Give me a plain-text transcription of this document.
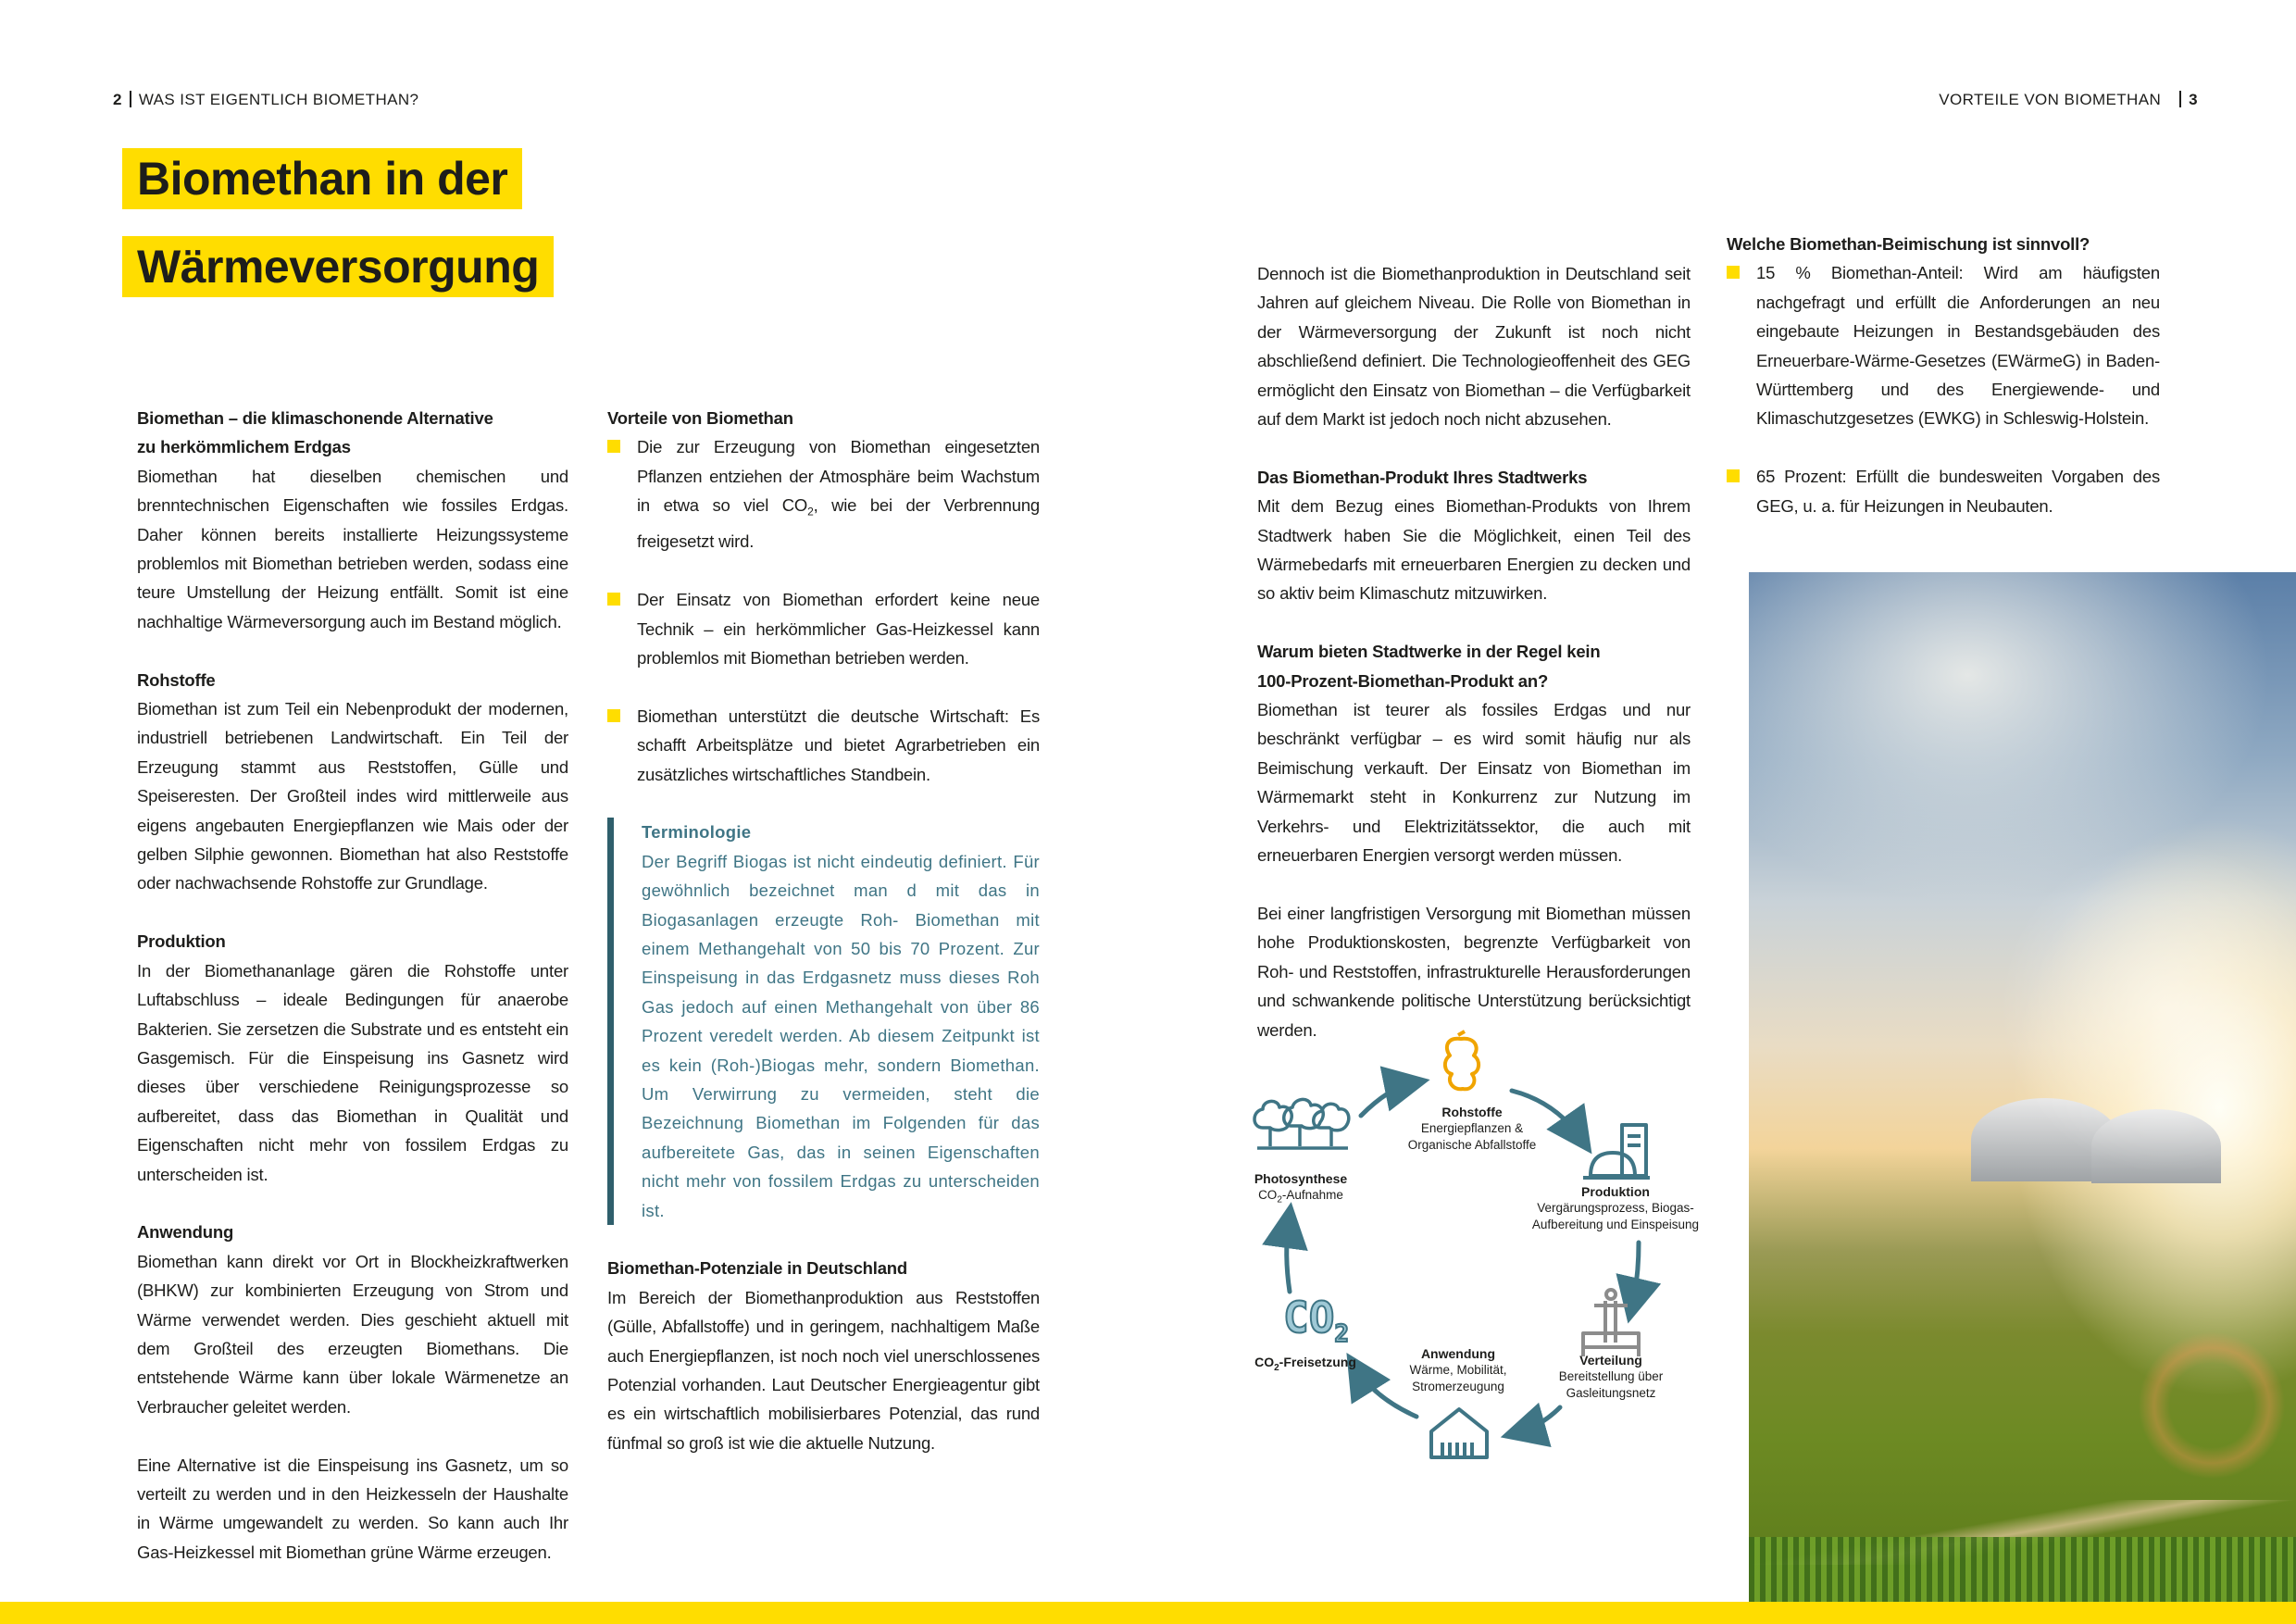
2 WAS IST EIGENTLICH BIOMETHAN?	VORTEILE VON BIOMETHAN 3
Biomethan in der
Wärmeversorgung
Biomethan – die klimaschonende Alternative
zu herkömmlichem Erdgas

Biomethan hat dieselben chemischen und brenntechnischen Eigenschaften wie fossiles Erdgas. Daher können bereits installierte Heizungssysteme problemlos mit Biomethan betrieben werden, sodass eine teure Umstellung der Heizung entfällt. Somit ist eine nachhaltige Wärmeversorgung auch im Bestand möglich.

Rohstoffe

Biomethan ist zum Teil ein Nebenprodukt der modernen, industriell betriebenen Landwirtschaft. Ein Teil der Erzeugung stammt aus Reststoffen, Gülle und Speiseresten. Der Großteil indes wird mittlerweile aus eigens angebauten Energiepflanzen wie Mais oder der gelben Silphie gewonnen. Biomethan hat also Reststoffe oder nachwachsende Rohstoffe zur Grundlage.

Produktion

In der Biomethananlage gären die Rohstoffe unter Luftabschluss – ideale Bedingungen für anaerobe Bakterien. Sie zersetzen die Substrate und es entsteht ein Gasgemisch. Für die Einspeisung ins Gasnetz wird dieses über verschiedene Reinigungsprozesse so aufbereitet, dass das Biomethan in Qualität und Eigenschaften nicht mehr von fossilem Erdgas zu unterscheiden ist.

Anwendung

Biomethan kann direkt vor Ort in Blockheizkraftwerken (BHKW) zur kombinierten Erzeugung von Strom und Wärme verwendet werden. Dies geschieht aktuell mit dem Großteil des erzeugten Biomethans. Die entstehende Wärme kann über lokale Wärmenetze an Verbraucher geleitet werden.

Eine Alternative ist die Einspeisung ins Gasnetz, um so verteilt zu werden und in den Heizkesseln der Haushalte in Wärme umgewandelt zu werden. So kann auch Ihr Gas-Heizkessel mit Biomethan grüne Wärme erzeugen.

Vorteile von Biomethan
Die zur Erzeugung von Biomethan eingesetzten Pflanzen entziehen der Atmosphäre beim Wachstum in etwa so viel $CO_2$, wie bei der Verbrennung freigesetzt wird.
Der Einsatz von Biomethan erfordert keine neue Technik – ein herkömmlicher Gas-Heizkessel kann problemlos mit Biomethan betrieben werden.
Biomethan unterstützt die deutsche Wirtschaft: Es schafft Arbeitsplätze und bietet Agrarbetrieben ein zusätzliches wirtschaftliches Standbein.
Terminologie

Der Begriff Biogas ist nicht eindeutig definiert. Für gewöhnlich bezeichnet man d mit das in Biogasanlagen erzeugte Roh- Biomethan mit einem Methangehalt von 50 bis 70 Prozent. Zur Einspeisung in das Erdgasnetz muss dieses Roh Gas jedoch auf einen Methangehalt von über 86 Prozent veredelt werden. Ab diesem Zeitpunkt ist es kein (Roh-)Biogas mehr, sondern Biomethan. Um Verwirrung zu vermeiden, steht die Bezeichnung Biomethan im Folgenden für das aufbereitete Gas, das in seinen Eigenschaften nicht mehr von fossilem Erdgas zu unterscheiden ist.

Biomethan-Potenziale in Deutschland

Im Bereich der Biomethanproduktion aus Reststoffen (Gülle, Abfallstoffe) und in geringem, nachhaltigem Maße auch Energiepflanzen, ist noch noch viel unerschlossenes Potenzial vorhanden. Laut Deutscher Energieagentur gibt es ein wirtschaftlich mobilisierbares Potenzial, das rund fünfmal so groß ist wie die aktuelle Nutzung.

Dennoch ist die Biomethanproduktion in Deutschland seit Jahren auf gleichem Niveau. Die Rolle von Biomethan in der Wärmeversorgung der Zukunft ist noch nicht abschließend definiert. Die Technologieoffenheit des GEG ermöglicht den Einsatz von Biomethan – die Verfügbarkeit auf dem Markt ist jedoch noch nicht abzusehen.

Das Biomethan-Produkt Ihres Stadtwerks

Mit dem Bezug eines Biomethan-Produkts von Ihrem Stadtwerk haben Sie die Möglichkeit, einen Teil des Wärmebedarfs mit erneuerbaren Energien zu decken und so aktiv beim Klimaschutz mitzuwirken.

Warum bieten Stadtwerke in der Regel kein
100-Prozent-Biomethan-Produkt an?

Biomethan ist teurer als fossiles Erdgas und nur beschränkt verfügbar – es wird somit häufig nur als Beimischung verkauft. Der Einsatz von Biomethan im Wärmemarkt steht in Konkurrenz zur Nutzung im Verkehrs- und Elektrizitätssektor, die auch mit erneuerbaren Energien versorgt werden müssen.

Bei einer langfristigen Versorgung mit Biomethan müssen hohe Produktionskosten, begrenzte Verfügbarkeit von Roh- und Reststoffen, infrastrukturelle Herausforderungen und schwankende politische Unterstützung berücksichtigt werden.

$CO_2$
Rohstoffe
Energiepflanzen &
Organische Abfallstoffe
Produktion
Vergärungsprozess, Biogas-
Aufbereitung und Einspeisung
Verteilung
Bereitstellung über
Gasleitungsnetz
Anwendung
Wärme, Mobilität,
Stromerzeugung
$CO_2$-Freisetzung
Photosynthese
$CO_2$-Aufnahme
Welche Biomethan-Beimischung ist sinnvoll?
15 % Biomethan-Anteil: Wird am häufigsten nachgefragt und erfüllt die Anforderungen an neu eingebaute Heizungen in Bestandsgebäuden des Erneuerbare-Wärme-Gesetzes (EWärmeG) in Baden-Württemberg und des Energiewende- und Klimaschutzgesetzes (EWKG) in Schleswig-Holstein.
65 Prozent: Erfüllt die bundesweiten Vorgaben des GEG, u. a. für Heizungen in Neubauten.
